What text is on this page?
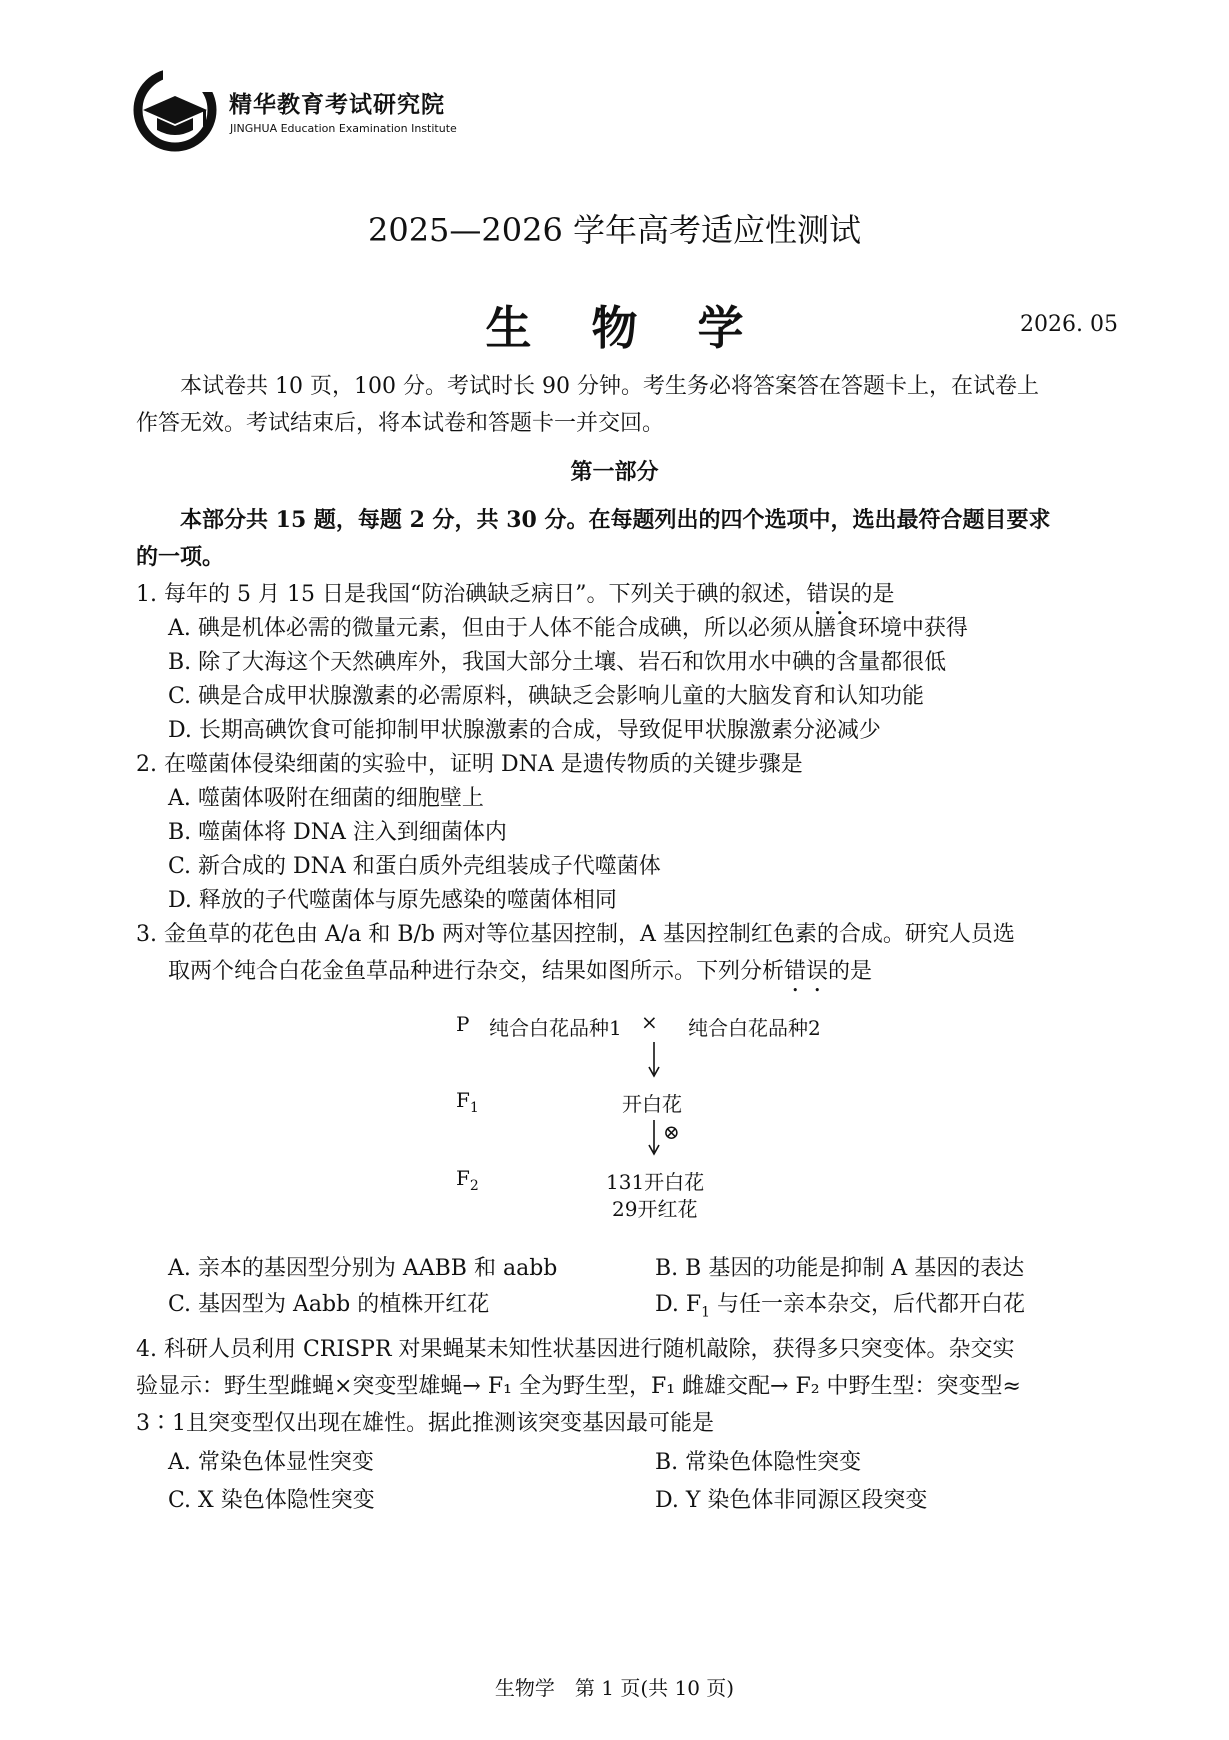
精华教育考试研究院
JINGHUA Education Examination Institute
2025—2026 学年高考适应性测试
生物学	2026. 05
本试卷共 10 页，100 分。考试时长 90 分钟。考生务必将答案答在答题卡上，在试卷上
作答无效。考试结束后，将本试卷和答题卡一并交回。
第一部分
本部分共 15 题，每题 2 分，共 30 分。在每题列出的四个选项中，选出最符合题目要求
的一项。
1. 每年的 5 月 15 日是我国“防治碘缺乏病日”。下列关于碘的叙述，错误的是
A. 碘是机体必需的微量元素，但由于人体不能合成碘，所以必须从膳食环境中获得
B. 除了大海这个天然碘库外，我国大部分土壤、岩石和饮用水中碘的含量都很低
C. 碘是合成甲状腺激素的必需原料，碘缺乏会影响儿童的大脑发育和认知功能
D. 长期高碘饮食可能抑制甲状腺激素的合成，导致促甲状腺激素分泌减少
2. 在噬菌体侵染细菌的实验中，证明 DNA 是遗传物质的关键步骤是
A. 噬菌体吸附在细菌的细胞壁上
B. 噬菌体将 DNA 注入到细菌体内
C. 新合成的 DNA 和蛋白质外壳组装成子代噬菌体
D. 释放的子代噬菌体与原先感染的噬菌体相同
3. 金鱼草的花色由 A/a 和 B/b 两对等位基因控制，A 基因控制红色素的合成。研究人员选
取两个纯合白花金鱼草品种进行杂交，结果如图所示。下列分析错误的是
P 纯合白花品种1 × 纯合白花品种2
$F_1$	开白花
⊗
$F_2$	131开白花
29开红花
A. 亲本的基因型分别为 AABB 和 aabb	B. B 基因的功能是抑制 A 基因的表达
C. 基因型为 Aabb 的植株开红花	D. $F_1$ 与任一亲本杂交，后代都开白花
4. 科研人员利用 CRISPR 对果蝇某未知性状基因进行随机敲除，获得多只突变体。杂交实
验显示：野生型雌蝇×突变型雄蝇→ F₁ 全为野生型，F₁ 雌雄交配→ F₂ 中野生型：突变型≈
3∶1且突变型仅出现在雄性。据此推测该突变基因最可能是
A. 常染色体显性突变	B. 常染色体隐性突变
C. X 染色体隐性突变	D. Y 染色体非同源区段突变
生物学　第 1 页(共 10 页)
